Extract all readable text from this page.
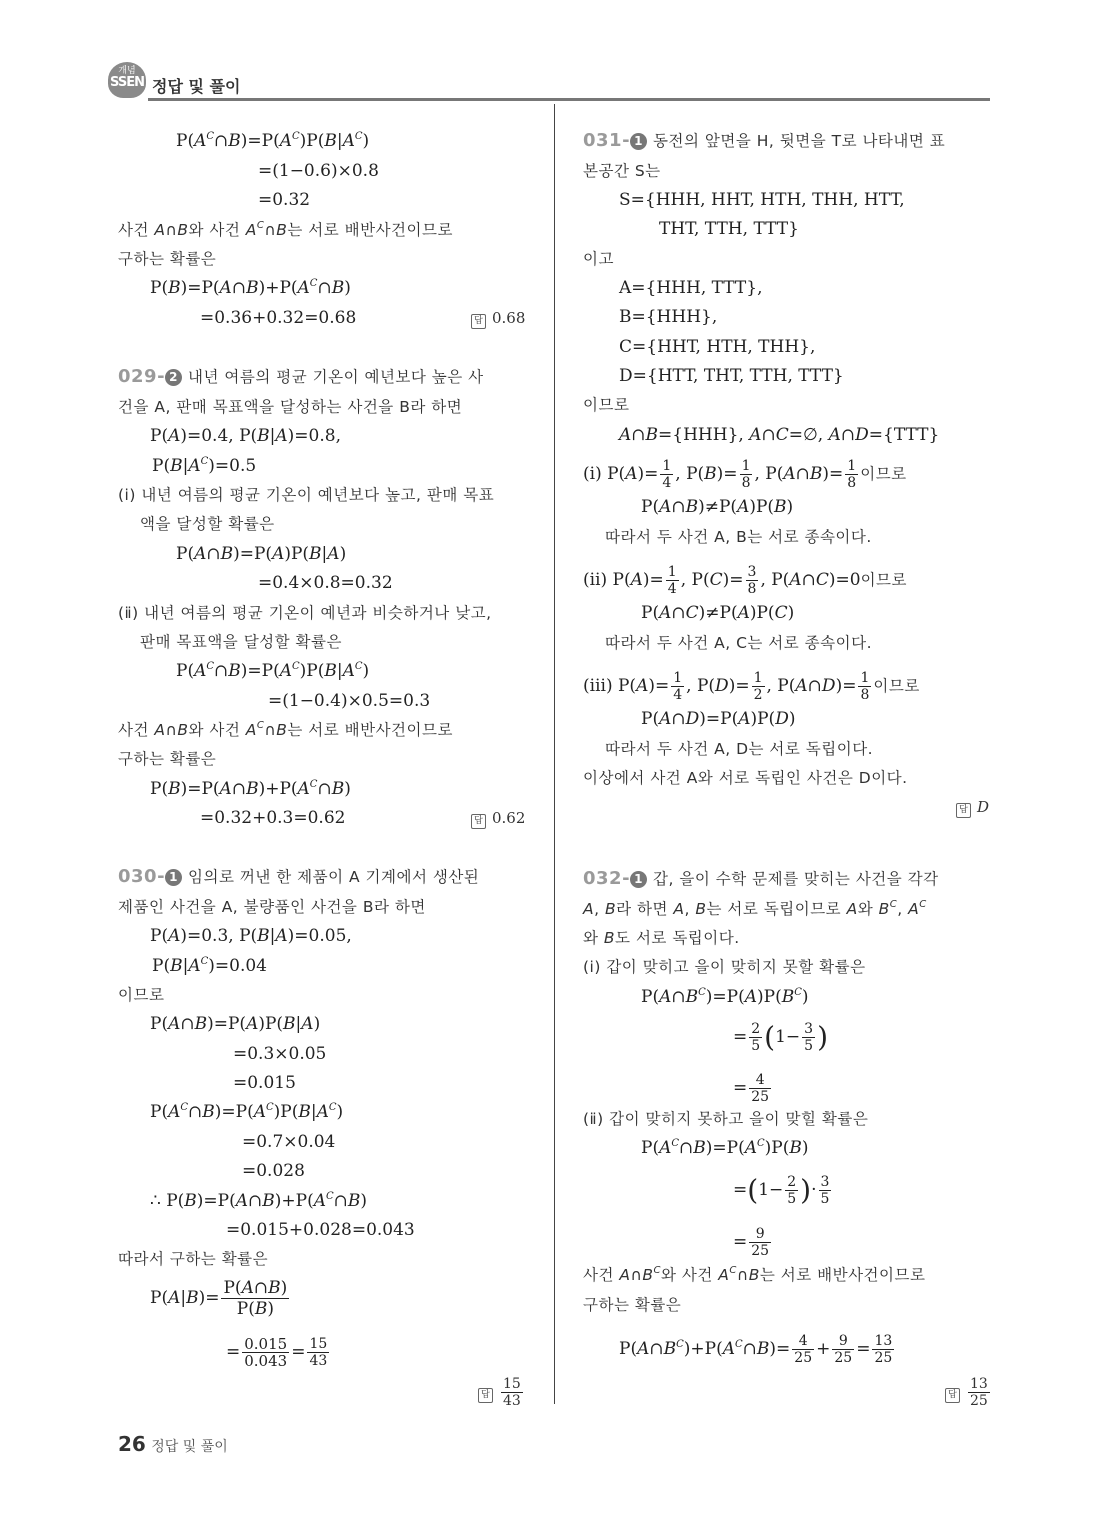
개념
SSEN 정답 및 풀이
$P(A^C\cap B)=P(A^C)P(B|A^C)$
=(1−0.6)×0.8
=0.32
사건 A∩B와 사건 $A^C\cap B$는 서로 배반사건이므로
구하는 확률은
$P(B)=P(A\cap B)+P(A^C\cap B)$
=0.36+0.32=0.68	답 0.68
029- 2 내년 여름의 평균 기온이 예년보다 높은 사
건을 A, 판매 목표액을 달성하는 사건을 B라 하면
P(A)=0.4, P(B|A)=0.8,
$P(B|A^C)=0.5$
(ⅰ) 내년 여름의 평균 기온이 예년보다 높고, 판매 목표
액을 달성할 확률은
P(A∩B)=P(A)P(B|A)
=0.4×0.8=0.32
(ⅱ) 내년 여름의 평균 기온이 예년과 비슷하거나 낮고,
판매 목표액을 달성할 확률은
$P(A^C\cap B)=P(A^C)P(B|A^C)$
=(1−0.4)×0.5=0.3
사건 A∩B와 사건 $A^C\cap B$는 서로 배반사건이므로
구하는 확률은
$P(B)=P(A\cap B)+P(A^C\cap B)$
=0.32+0.3=0.62	답 0.62
030- 1 임의로 꺼낸 한 제품이 A 기계에서 생산된
제품인 사건을 A, 불량품인 사건을 B라 하면
P(A)=0.3, P(B|A)=0.05,
$P(B|A^C)=0.04$
이므로
P(A∩B)=P(A)P(B|A)
=0.3×0.05
=0.015
$P(A^C\cap B)=P(A^C)P(B|A^C)$
=0.7×0.04
=0.028
∴ $P(B)=P(A\cap B)+P(A^C\cap B)$
=0.015+0.028=0.043
따라서 구하는 확률은
$P(A|B)= \frac{P(A\cap B)}{P(B)}$
= $\frac{0.015}{0.043} = \frac{15}{43}$
답 $\frac{15}{43}$
031- 1 동전의 앞면을 H, 뒷면을 T로 나타내면 표
본공간 S는
S={HHH, HHT, HTH, THH, HTT,
THT, TTH, TTT}
이고
A={HHH, TTT},
B={HHH},
C={HHT, HTH, THH},
D={HTT, THT, TTH, TTT}
이므로
A∩B={HHH}, A∩C=∅, A∩D={TTT}
(ⅰ) $P(A)= \frac{1}{4}$ , $P(B)= \frac{1}{8}$ , P(A∩B)= $\frac{1}{8}$ 이므로
P(A∩B)≠P(A)P(B)
따라서 두 사건 A, B는 서로 종속이다.
(ⅱ) $P(A)= \frac{1}{4}$ , $P(C)= \frac{3}{8}$ , P(A∩C)=0이므로
P(A∩C)≠P(A)P(C)
따라서 두 사건 A, C는 서로 종속이다.
(ⅲ) $P(A)= \frac{1}{4}$ , $P(D)= \frac{1}{2}$ , P(A∩D)= $\frac{1}{8}$ 이므로
P(A∩D)=P(A)P(D)
따라서 두 사건 A, D는 서로 독립이다.
이상에서 사건 A와 서로 독립인 사건은 D이다.
답 D
032- 1 갑, 을이 수학 문제를 맞히는 사건을 각각
A, B라 하면 A, B는 서로 독립이므로 A와 $B^C$, $A^C$
와 B도 서로 독립이다.
(ⅰ) 갑이 맞히고 을이 맞히지 못할 확률은
$P(A\cap B^C)=P(A)P(B^C)$
= $\frac{2}{5} (1- \frac{3}{5}$ )
= $\frac{4}{25}$
(ⅱ) 갑이 맞히지 못하고 을이 맞힐 확률은
$P(A^C\cap B)=P(A^C)P(B)$
$=(1- \frac{2}{5}$ )· $\frac{3}{5}$
= $\frac{9}{25}$
사건 $A\cap B^C$와 사건 $A^C\cap B$는 서로 배반사건이므로
구하는 확률은
$P(A\cap B^C)+P(A^C\cap B)= \frac{4}{25} + \frac{9}{25} = \frac{13}{25}$
답 $\frac{13}{25}$
26 정답 및 풀이
